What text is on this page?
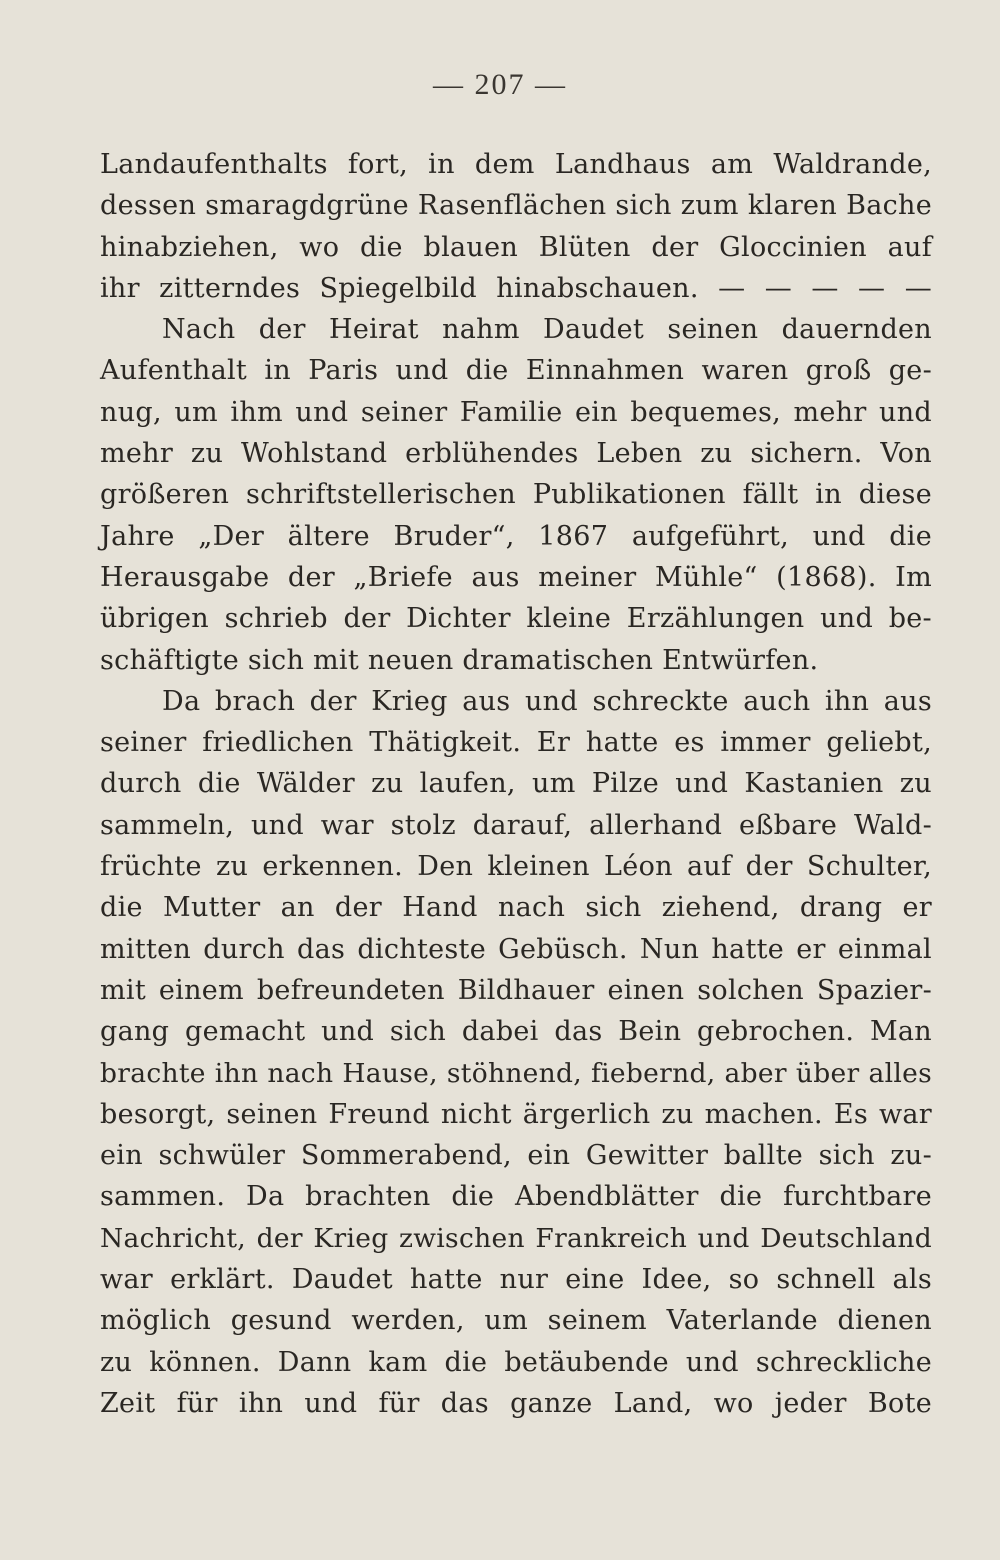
— 207 —
Landaufenthalts fort, in dem Landhaus am Waldrande,
dessen smaragdgrüne Rasenflächen sich zum klaren Bache
hinabziehen, wo die blauen Blüten der Gloccinien auf
ihr zitterndes Spiegelbild hinabschauen. — — — — —
Nach der Heirat nahm Daudet seinen dauernden
Aufenthalt in Paris und die Einnahmen waren groß ge-
nug, um ihm und seiner Familie ein bequemes, mehr und
mehr zu Wohlstand erblühendes Leben zu sichern. Von
größeren schriftstellerischen Publikationen fällt in diese
Jahre „Der ältere Bruder“, 1867 aufgeführt, und die
Herausgabe der „Briefe aus meiner Mühle“ (1868). Im
übrigen schrieb der Dichter kleine Erzählungen und be-
schäftigte sich mit neuen dramatischen Entwürfen.
Da brach der Krieg aus und schreckte auch ihn aus
seiner friedlichen Thätigkeit. Er hatte es immer geliebt,
durch die Wälder zu laufen, um Pilze und Kastanien zu
sammeln, und war stolz darauf, allerhand eßbare Wald-
früchte zu erkennen. Den kleinen Léon auf der Schulter,
die Mutter an der Hand nach sich ziehend, drang er
mitten durch das dichteste Gebüsch. Nun hatte er einmal
mit einem befreundeten Bildhauer einen solchen Spazier-
gang gemacht und sich dabei das Bein gebrochen. Man
brachte ihn nach Hause, stöhnend, fiebernd, aber über alles
besorgt, seinen Freund nicht ärgerlich zu machen. Es war
ein schwüler Sommerabend, ein Gewitter ballte sich zu-
sammen. Da brachten die Abendblätter die furchtbare
Nachricht, der Krieg zwischen Frankreich und Deutschland
war erklärt. Daudet hatte nur eine Idee, so schnell als
möglich gesund werden, um seinem Vaterlande dienen
zu können. Dann kam die betäubende und schreckliche
Zeit für ihn und für das ganze Land, wo jeder Bote
